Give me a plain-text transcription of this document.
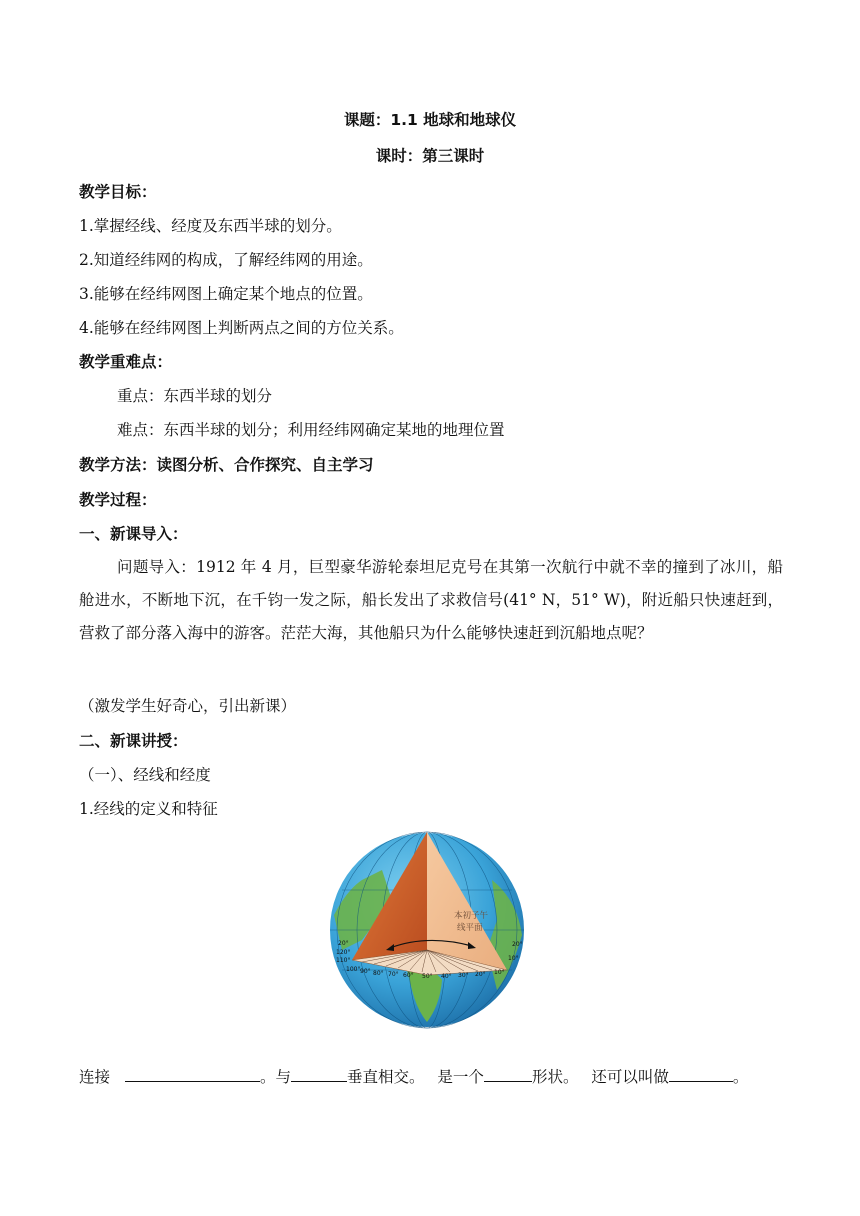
课题：1.1 地球和地球仪
课时：第三课时
教学目标：
1.掌握经线、经度及东西半球的划分。
2.知道经纬网的构成，了解经纬网的用途。
3.能够在经纬网图上确定某个地点的位置。
4.能够在经纬网图上判断两点之间的方位关系。
教学重难点：
重点：东西半球的划分
难点：东西半球的划分；利用经纬网确定某地的地理位置
教学方法：读图分析、合作探究、自主学习
教学过程：
一、新课导入：
问题导入：1912 年 4 月，巨型豪华游轮泰坦尼克号在其第一次航行中就不幸的撞到了冰川，船舱进水，不断地下沉，在千钧一发之际，船长发出了求救信号(41° N，51° W)，附近船只快速赶到，营救了部分落入海中的游客。茫茫大海，其他船只为什么能够快速赶到沉船地点呢？
（激发学生好奇心，引出新课）
二、新课讲授：
（一）、经线和经度
1.经线的定义和特征
本初子午
线平面
100° 90° 80° 70° 60° 50° 40° 30° 20° 10°
120°
110°
20°	20°
10°
连接	。与	垂直相交。 是一个	形状。 还可以叫做	。
